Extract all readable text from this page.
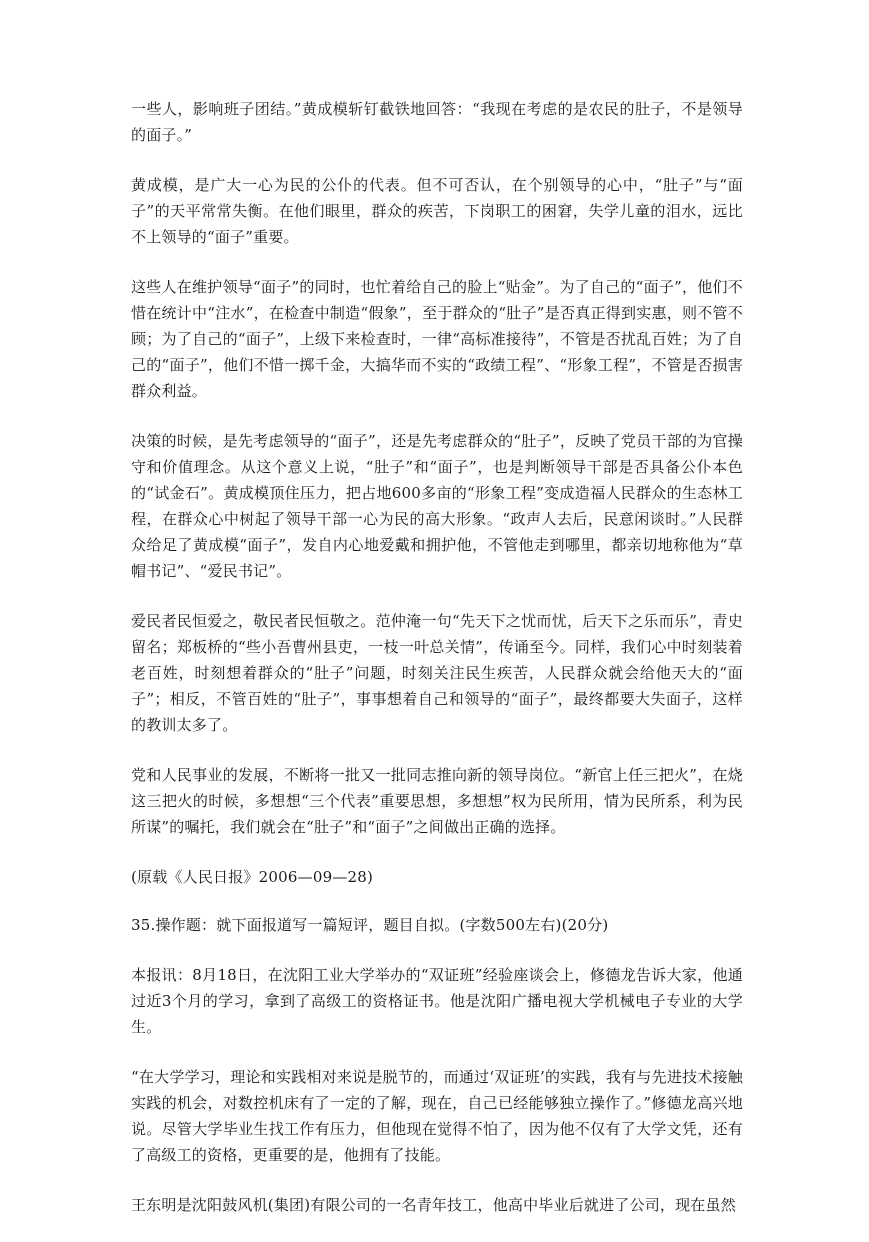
一些人，影响班子团结。”黄成模斩钉截铁地回答：“我现在考虑的是农民的肚子，不是领导的面子。”

黄成模，是广大一心为民的公仆的代表。但不可否认，在个别领导的心中，“肚子”与“面子”的天平常常失衡。在他们眼里，群众的疾苦，下岗职工的困窘，失学儿童的泪水，远比不上领导的“面子”重要。

这些人在维护领导“面子”的同时，也忙着给自己的脸上“贴金”。为了自己的“面子”，他们不惜在统计中“注水”，在检查中制造“假象”，至于群众的“肚子”是否真正得到实惠，则不管不顾；为了自己的“面子”，上级下来检查时，一律“高标准接待”，不管是否扰乱百姓；为了自己的“面子”，他们不惜一掷千金，大搞华而不实的“政绩工程”、“形象工程”，不管是否损害群众利益。

决策的时候，是先考虑领导的“面子”，还是先考虑群众的“肚子”，反映了党员干部的为官操守和价值理念。从这个意义上说，“肚子”和“面子”，也是判断领导干部是否具备公仆本色的“试金石”。黄成模顶住压力，把占地600多亩的“形象工程”变成造福人民群众的生态林工程，在群众心中树起了领导干部一心为民的高大形象。“政声人去后，民意闲谈时。”人民群众给足了黄成模“面子”，发自内心地爱戴和拥护他，不管他走到哪里，都亲切地称他为“草帽书记”、“爱民书记”。

爱民者民恒爱之，敬民者民恒敬之。范仲淹一句“先天下之忧而忧，后天下之乐而乐”，青史留名；郑板桥的“些小吾曹州县吏，一枝一叶总关情”，传诵至今。同样，我们心中时刻装着老百姓，时刻想着群众的“肚子”问题，时刻关注民生疾苦，人民群众就会给他天大的“面子”；相反，不管百姓的“肚子”，事事想着自己和领导的“面子”，最终都要大失面子，这样的教训太多了。

党和人民事业的发展，不断将一批又一批同志推向新的领导岗位。“新官上任三把火”，在烧这三把火的时候，多想想“三个代表”重要思想，多想想”权为民所用，情为民所系，利为民所谋”的嘱托，我们就会在“肚子”和“面子”之间做出正确的选择。

(原载《人民日报》2006—09—28)

35.操作题：就下面报道写一篇短评，题目自拟。(字数500左右)(20分)

本报讯：8月18日，在沈阳工业大学举办的“双证班”经验座谈会上，修德龙告诉大家，他通过近3个月的学习，拿到了高级工的资格证书。他是沈阳广播电视大学机械电子专业的大学生。

“在大学学习，理论和实践相对来说是脱节的，而通过‘双证班’的实践，我有与先进技术接触实践的机会，对数控机床有了一定的了解，现在，自己已经能够独立操作了。”修德龙高兴地说。尽管大学毕业生找工作有压力，但他现在觉得不怕了，因为他不仅有了大学文凭，还有了高级工的资格，更重要的是，他拥有了技能。

王东明是沈阳鼓风机(集团)有限公司的一名青年技工，他高中毕业后就进了公司，现在虽然
